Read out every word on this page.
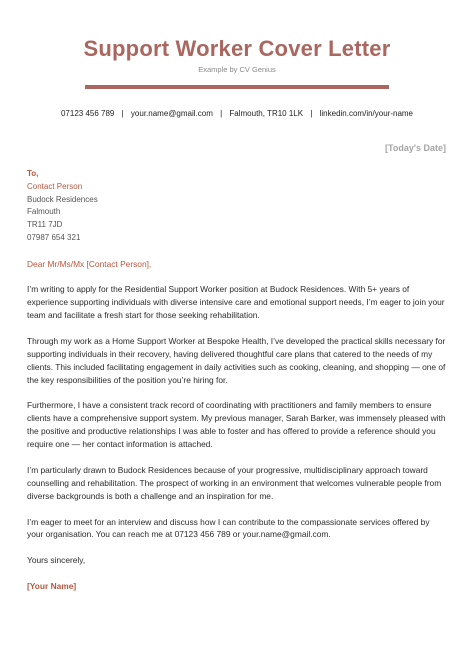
Support Worker Cover Letter
Example by CV Genius
07123 456 789 | your.name@gmail.com | Falmouth, TR10 1LK | linkedin.com/in/your-name
[Today's Date]
To,
Contact Person
Budock Residences
Falmouth
TR11 7JD
07987 654 321

Dear Mr/Ms/Mx [Contact Person],

I’m writing to apply for the Residential Support Worker position at Budock Residences. With 5+ years of experience supporting individuals with diverse intensive care and emotional support needs, I’m eager to join your team and facilitate a fresh start for those seeking rehabilitation.

Through my work as a Home Support Worker at Bespoke Health, I’ve developed the practical skills necessary for supporting individuals in their recovery, having delivered thoughtful care plans that catered to the needs of my clients. This included facilitating engagement in daily activities such as cooking, cleaning, and shopping — one of the key responsibilities of the position you’re hiring for.

Furthermore, I have a consistent track record of coordinating with practitioners and family members to ensure clients have a comprehensive support system. My previous manager, Sarah Barker, was immensely pleased with the positive and productive relationships I was able to foster and has offered to provide a reference should you require one — her contact information is attached.

I’m particularly drawn to Budock Residences because of your progressive, multidisciplinary approach toward counselling and rehabilitation. The prospect of working in an environment that welcomes vulnerable people from diverse backgrounds is both a challenge and an inspiration for me.

I’m eager to meet for an interview and discuss how I can contribute to the compassionate services offered by your organisation. You can reach me at 07123 456 789 or your.name@gmail.com.

Yours sincerely,

[Your Name]
